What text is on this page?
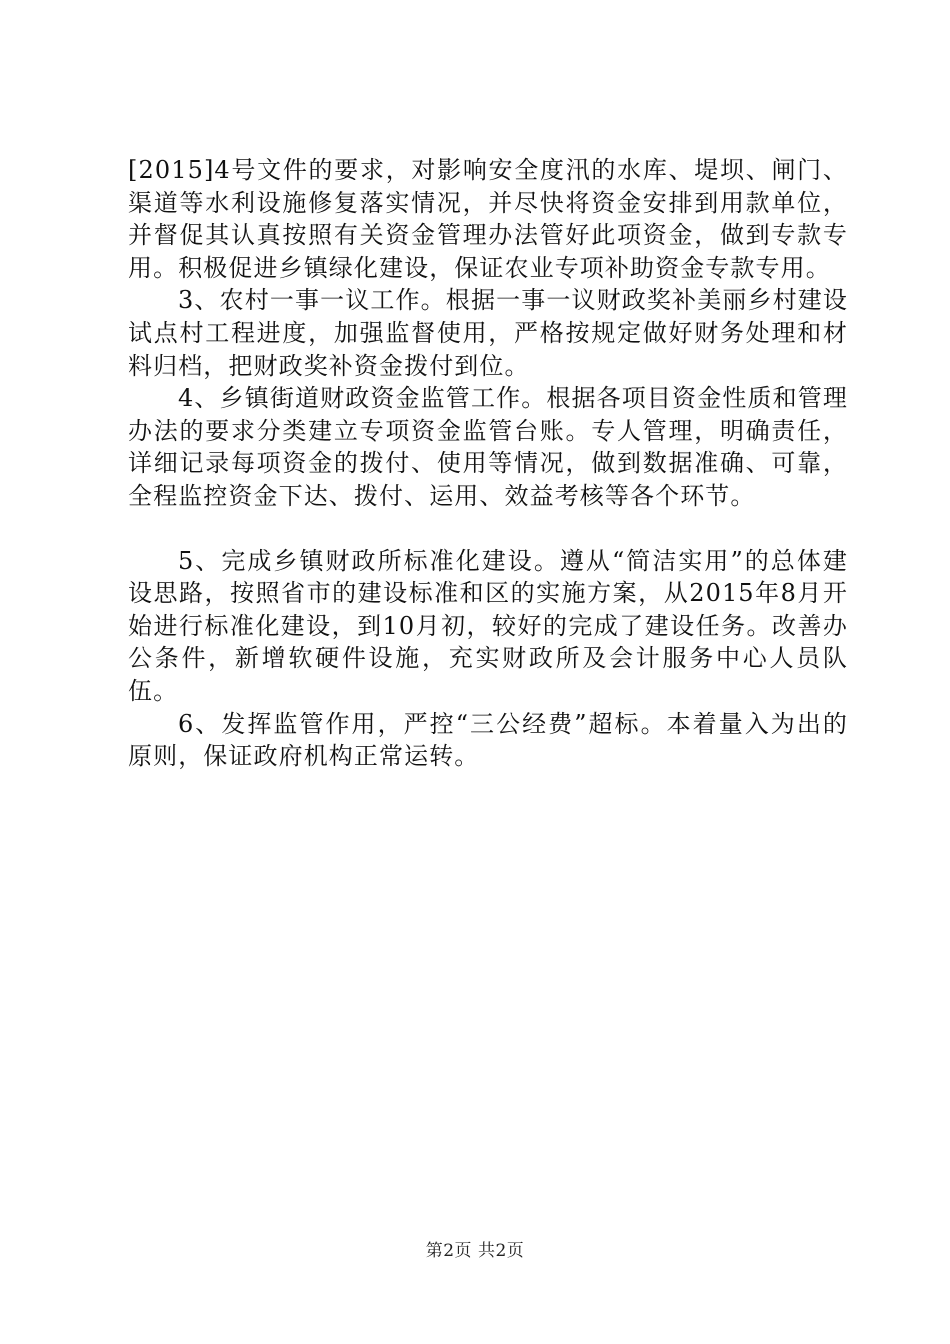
[2015]4号文件的要求，对影响安全度汛的水库、堤坝、闸门、渠道等水利设施修复落实情况，并尽快将资金安排到用款单位，并督促其认真按照有关资金管理办法管好此项资金，做到专款专用。积极促进乡镇绿化建设，保证农业专项补助资金专款专用。

3、农村一事一议工作。根据一事一议财政奖补美丽乡村建设试点村工程进度，加强监督使用，严格按规定做好财务处理和材料归档，把财政奖补资金拨付到位。

4、乡镇街道财政资金监管工作。根据各项目资金性质和管理办法的要求分类建立专项资金监管台账。专人管理，明确责任，详细记录每项资金的拨付、使用等情况，做到数据准确、可靠，全程监控资金下达、拨付、运用、效益考核等各个环节。

5、完成乡镇财政所标准化建设。遵从“简洁实用”的总体建设思路，按照省市的建设标准和区的实施方案，从2015年8月开始进行标准化建设，到10月初，较好的完成了建设任务。改善办公条件，新增软硬件设施，充实财政所及会计服务中心人员队伍。

6、发挥监管作用，严控“三公经费”超标。本着量入为出的原则，保证政府机构正常运转。

第2页 共2页
